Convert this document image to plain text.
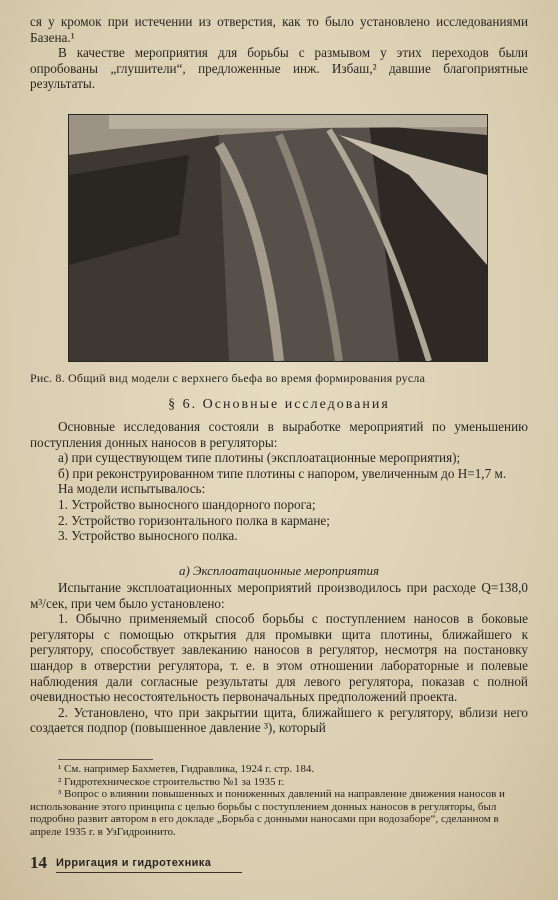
ся у кромок при истечении из отверстия, как то было установлено исследованиями Базена.¹

В качестве мероприятия для борьбы с размывом у этих переходов были опробованы „глушители“, предложенные инж. Избаш,² давшие благоприятные результаты.

Рис. 8. Общий вид модели с верхнего бьефа во время формирования русла

§ 6. Основные исследования

Основные исследования состояли в выработке мероприятий по уменьшению поступления донных наносов в регуляторы:

а) при существующем типе плотины (эксплоатационные мероприятия);

б) при реконструированном типе плотины с напором, увеличенным до Н=1,7 м.

На модели испытывалось:

1. Устройство выносного шандорного порога;

2. Устройство горизонтального полка в кармане;

3. Устройство выносного полка.

а) Эксплоатационные мероприятия

Испытание эксплоатационных мероприятий производилось при расходе Q=138,0 м³/сек, при чем было установлено:

1. Обычно применяемый способ борьбы с поступлением наносов в боковые регуляторы с помощью открытия для промывки щита плотины, ближайшего к регулятору, способствует завлеканию наносов в регулятор, несмотря на постановку шандор в отверстии регулятора, т. е. в этом отношении лабораторные и полевые наблюдения дали согласные результаты для левого регулятора, показав с полной очевидностью несостоятельность первоначальных предположений проекта.

2. Установлено, что при закрытии щита, ближайшего к регулятору, вблизи него создается подпор (повышенное давление ³), который

¹ См. например Бахметев, Гидравлика, 1924 г. стр. 184.

² Гидротехническое строительство №1 за 1935 г.

³ Вопрос о влиянии повышенных и пониженных давлений на направление движения наносов и использование этого принципа с целью борьбы с поступлением донных наносов в регуляторы, был подробно развит автором в его докладе „Борьба с донными наносами при водозаборе“, сделанном в апреле 1935 г. в УзГидроинито.

14 Ирригация и гидротехника
